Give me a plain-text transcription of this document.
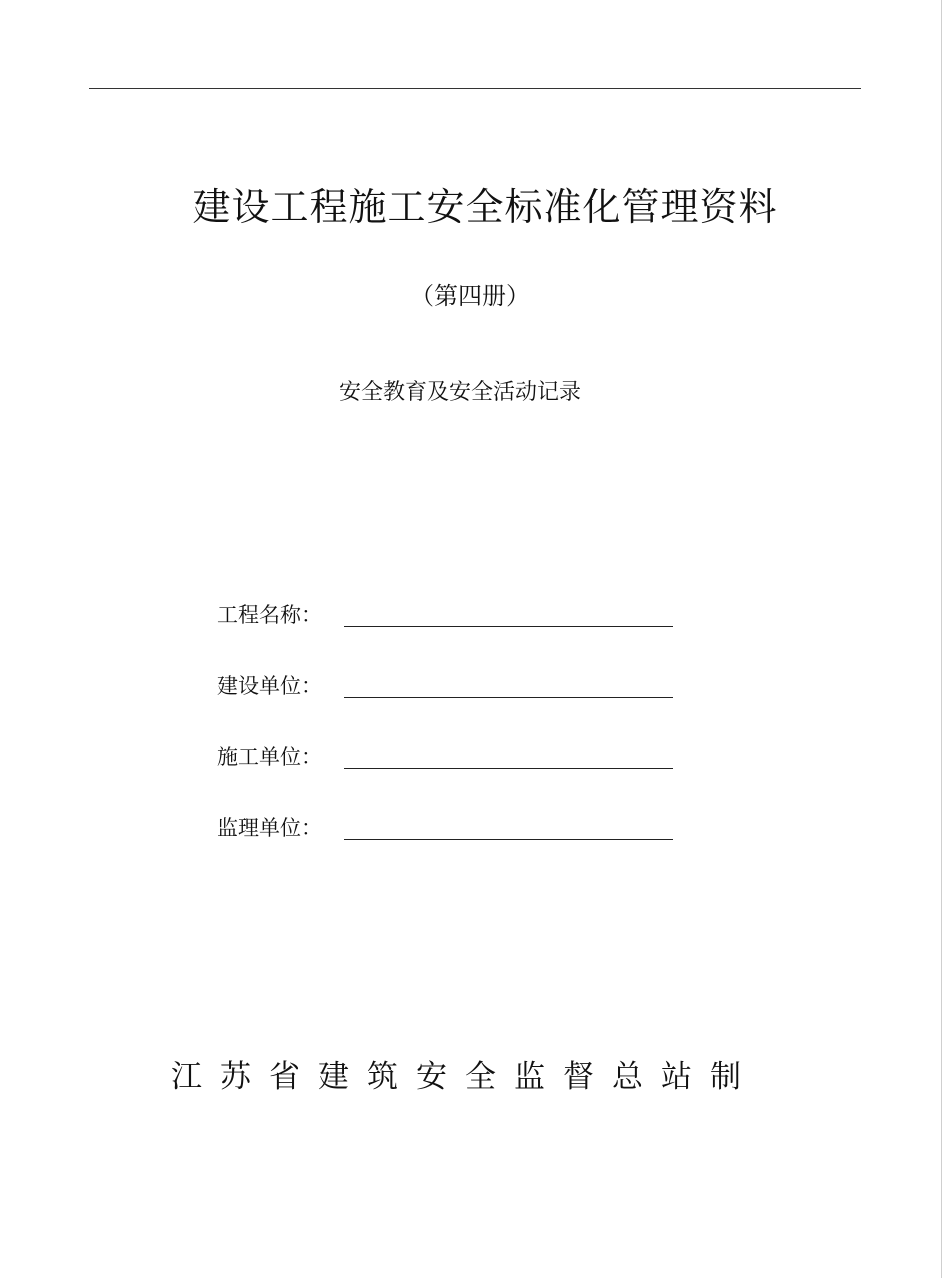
建设工程施工安全标准化管理资料
（第四册）
安全教育及安全活动记录
工程名称：
建设单位：
施工单位：
监理单位：
江苏省建筑安全监督总站制
